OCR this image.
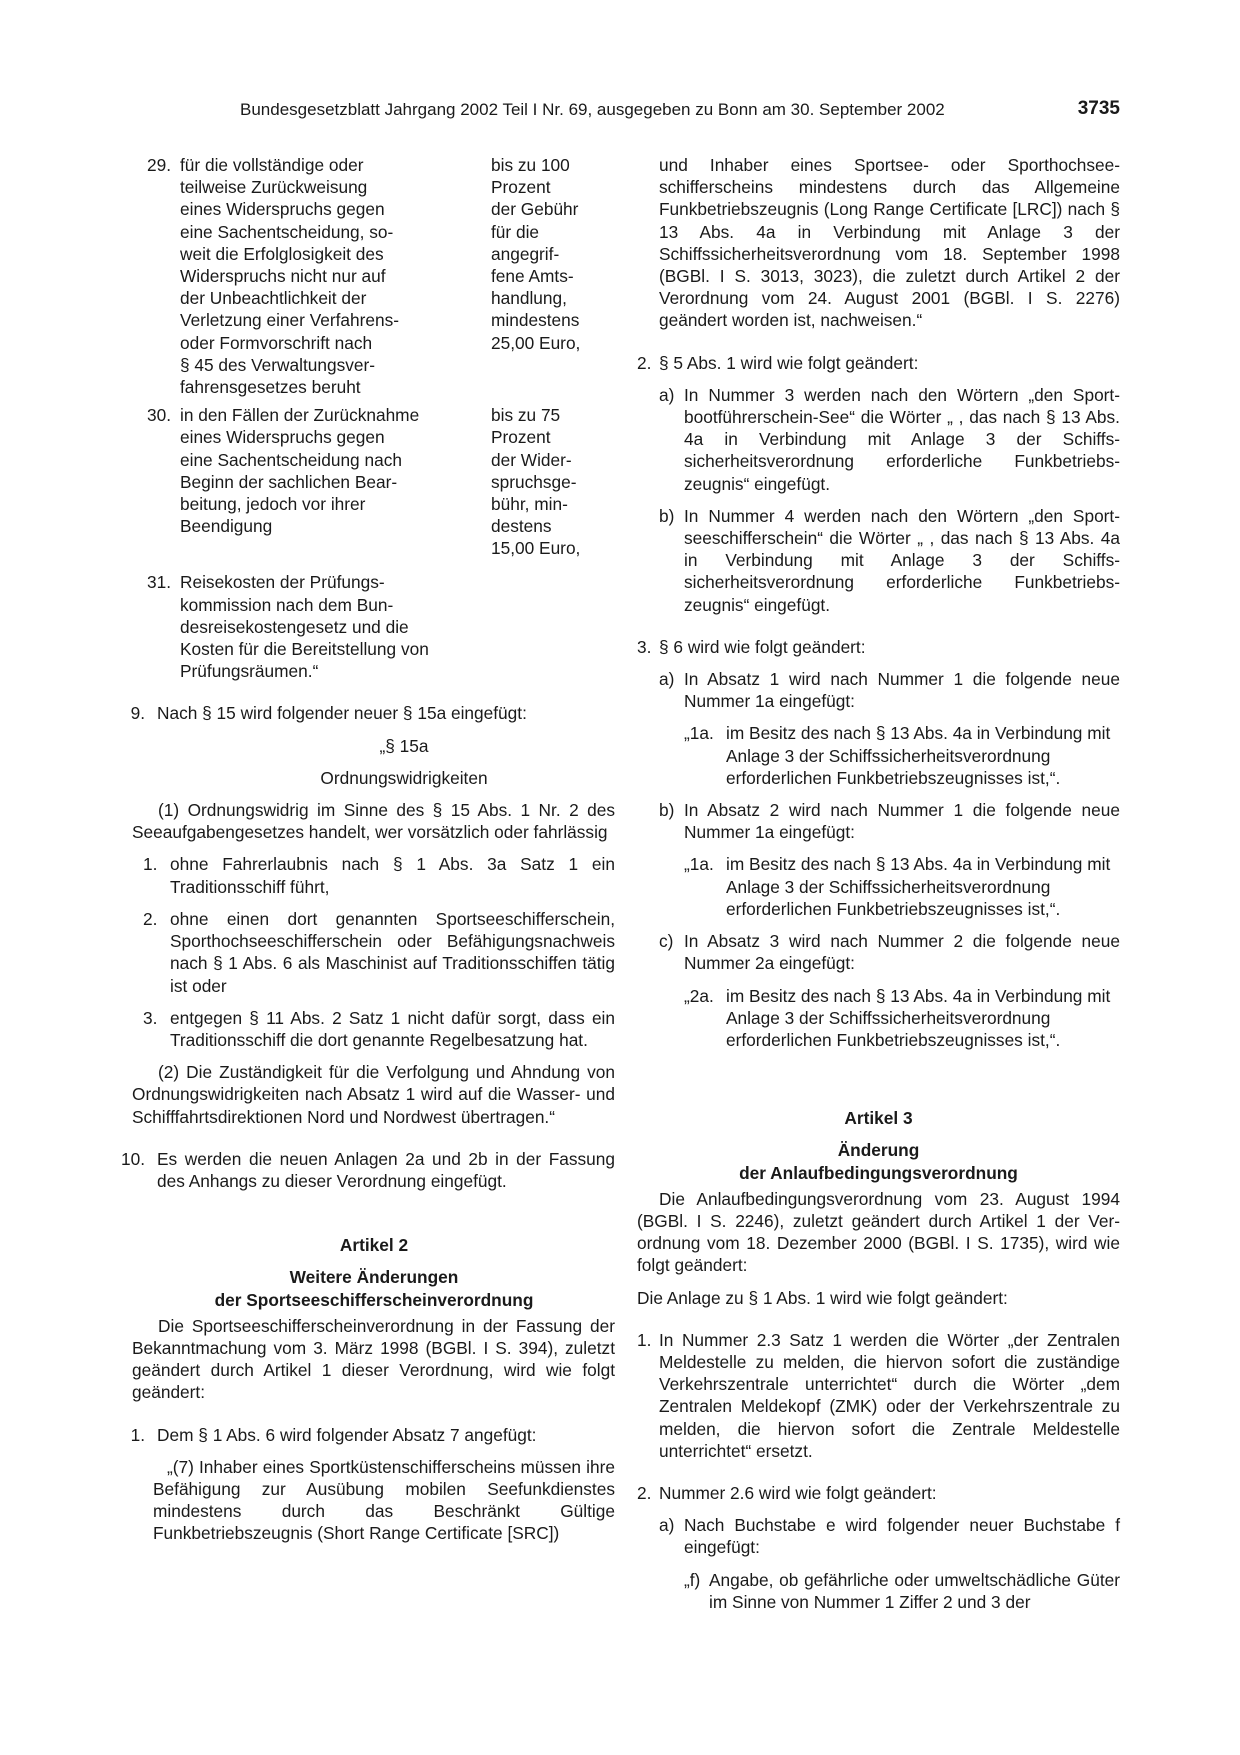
Bundesgesetzblatt Jahrgang 2002 Teil I Nr. 69, ausgegeben zu Bonn am 30. September 2002	3735
29. für die vollständige oder
teilweise Zurückweisung
eines Widerspruchs gegen
eine Sachentscheidung, so-
weit die Erfolglosigkeit des
Widerspruchs nicht nur auf
der Unbeachtlichkeit der
Verletzung einer Verfahrens-
oder Formvorschrift nach
§ 45 des Verwaltungsver-
fahrensgesetzes beruht
bis zu 100
Prozent
der Gebühr
für die
angegrif-
fene Amts-
handlung,
mindestens
25,00 Euro,
30. in den Fällen der Zurücknahme
eines Widerspruchs gegen
eine Sachentscheidung nach
Beginn der sachlichen Bear-
beitung, jedoch vor ihrer
Beendigung
bis zu 75
Prozent
der Wider-
spruchsge-
bühr, min-
destens
15,00 Euro,
31. Reisekosten der Prüfungs-
kommission nach dem Bun-
desreisekostengesetz und die
Kosten für die Bereitstellung von
Prüfungsräumen.“
9. Nach § 15 wird folgender neuer § 15a eingefügt:

„§ 15a

Ordnungswidrigkeiten

(1) Ordnungswidrig im Sinne des § 15 Abs. 1 Nr. 2 des Seeaufgabengesetzes handelt, wer vorsätzlich oder fahrlässig

1. ohne Fahrerlaubnis nach § 1 Abs. 3a Satz 1 ein Traditionsschiff führt,

2. ohne einen dort genannten Sportseeschifferschein, Sporthochseeschifferschein oder Befähigungsnachweis nach § 1 Abs. 6 als Maschinist auf Traditionsschiffen tätig ist oder

3. entgegen § 11 Abs. 2 Satz 1 nicht dafür sorgt, dass ein Traditionsschiff die dort genannte Regelbesatzung hat.

(2) Die Zuständigkeit für die Verfolgung und Ahndung von Ordnungswidrigkeiten nach Absatz 1 wird auf die Wasser- und Schifffahrtsdirektionen Nord und Nordwest übertragen.“

10. Es werden die neuen Anlagen 2a und 2b in der Fassung des Anhangs zu dieser Verordnung eingefügt.

Artikel 2

Weitere Änderungen

der Sportseeschifferscheinverordnung

Die Sportseeschifferscheinverordnung in der Fassung der Bekanntmachung vom 3. März 1998 (BGBl. I S. 394), zuletzt geändert durch Artikel 1 dieser Verordnung, wird wie folgt geändert:

1. Dem § 1 Abs. 6 wird folgender Absatz 7 angefügt:

„(7) Inhaber eines Sportküstenschifferscheins müssen ihre Befähigung zur Ausübung mobilen Seefunkdienstes mindestens durch das Beschränkt Gültige Funkbetriebszeugnis (Short Range Certificate [SRC])

und Inhaber eines Sportsee- oder Sporthochseeschifferscheins mindestens durch das Allgemeine Funkbetriebszeugnis (Long Range Certificate [LRC]) nach § 13 Abs. 4a in Verbindung mit Anlage 3 der Schiffssicherheitsverordnung vom 18. September 1998 (BGBl. I S. 3013, 3023), die zuletzt durch Artikel 2 der Verordnung vom 24. August 2001 (BGBl. I S. 2276) geändert worden ist, nachweisen.“

2. § 5 Abs. 1 wird wie folgt geändert:
a) In Nummer 3 werden nach den Wörtern „den Sportbootführerschein-See“ die Wörter „ , das nach § 13 Abs. 4a in Verbindung mit Anlage 3 der Schiffssicherheitsverordnung erforderliche Funkbetriebszeugnis“ eingefügt.

b) In Nummer 4 werden nach den Wörtern „den Sportseeschifferschein“ die Wörter „ , das nach § 13 Abs. 4a in Verbindung mit Anlage 3 der Schiffssicherheitsverordnung erforderliche Funkbetriebszeugnis“ eingefügt.

3. § 6 wird wie folgt geändert:
a) In Absatz 1 wird nach Nummer 1 die folgende neue Nummer 1a eingefügt:

„1a. im Besitz des nach § 13 Abs. 4a in Verbindung mit Anlage 3 der Schiffssicherheitsverordnung erforderlichen Funkbetriebszeugnisses ist,“.

b) In Absatz 2 wird nach Nummer 1 die folgende neue Nummer 1a eingefügt:

„1a. im Besitz des nach § 13 Abs. 4a in Verbindung mit Anlage 3 der Schiffssicherheitsverordnung erforderlichen Funkbetriebszeugnisses ist,“.

c) In Absatz 3 wird nach Nummer 2 die folgende neue Nummer 2a eingefügt:

„2a. im Besitz des nach § 13 Abs. 4a in Verbindung mit Anlage 3 der Schiffssicherheitsverordnung erforderlichen Funkbetriebszeugnisses ist,“.

Artikel 3

Änderung

der Anlaufbedingungsverordnung

Die Anlaufbedingungsverordnung vom 23. August 1994 (BGBl. I S. 2246), zuletzt geändert durch Artikel 1 der Verordnung vom 18. Dezember 2000 (BGBl. I S. 1735), wird wie folgt geändert:

Die Anlage zu § 1 Abs. 1 wird wie folgt geändert:

1. In Nummer 2.3 Satz 1 werden die Wörter „der Zentralen Meldestelle zu melden, die hiervon sofort die zuständige Verkehrszentrale unterrichtet“ durch die Wörter „dem Zentralen Meldekopf (ZMK) oder der Verkehrszentrale zu melden, die hiervon sofort die Zentrale Meldestelle unterrichtet“ ersetzt.

2. Nummer 2.6 wird wie folgt geändert:
a) Nach Buchstabe e wird folgender neuer Buchstabe f eingefügt:

„f) Angabe, ob gefährliche oder umweltschädliche Güter im Sinne von Nummer 1 Ziffer 2 und 3 der
